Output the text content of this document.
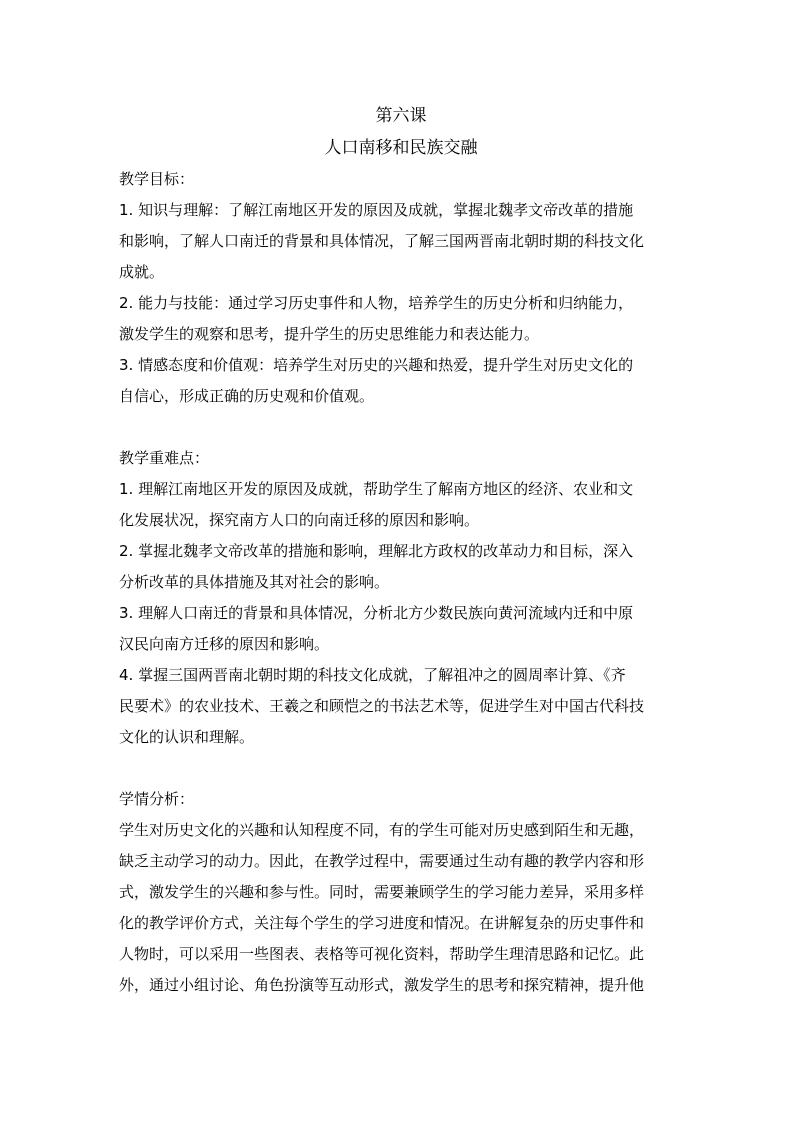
第六课

人口南移和民族交融

教学目标：

1. 知识与理解：了解江南地区开发的原因及成就，掌握北魏孝文帝改革的措施

和影响，了解人口南迁的背景和具体情况，了解三国两晋南北朝时期的科技文化

成就。

2. 能力与技能：通过学习历史事件和人物，培养学生的历史分析和归纳能力，

激发学生的观察和思考，提升学生的历史思维能力和表达能力。

3. 情感态度和价值观：培养学生对历史的兴趣和热爱，提升学生对历史文化的

自信心，形成正确的历史观和价值观。

教学重难点：

1. 理解江南地区开发的原因及成就，帮助学生了解南方地区的经济、农业和文

化发展状况，探究南方人口的向南迁移的原因和影响。

2. 掌握北魏孝文帝改革的措施和影响，理解北方政权的改革动力和目标，深入

分析改革的具体措施及其对社会的影响。

3. 理解人口南迁的背景和具体情况，分析北方少数民族向黄河流域内迁和中原

汉民向南方迁移的原因和影响。

4. 掌握三国两晋南北朝时期的科技文化成就，了解祖冲之的圆周率计算、《齐

民要术》的农业技术、王羲之和顾恺之的书法艺术等，促进学生对中国古代科技

文化的认识和理解。

学情分析：

学生对历史文化的兴趣和认知程度不同，有的学生可能对历史感到陌生和无趣，

缺乏主动学习的动力。因此，在教学过程中，需要通过生动有趣的教学内容和形

式，激发学生的兴趣和参与性。同时，需要兼顾学生的学习能力差异，采用多样

化的教学评价方式，关注每个学生的学习进度和情况。在讲解复杂的历史事件和

人物时，可以采用一些图表、表格等可视化资料，帮助学生理清思路和记忆。此

外，通过小组讨论、角色扮演等互动形式，激发学生的思考和探究精神，提升他
